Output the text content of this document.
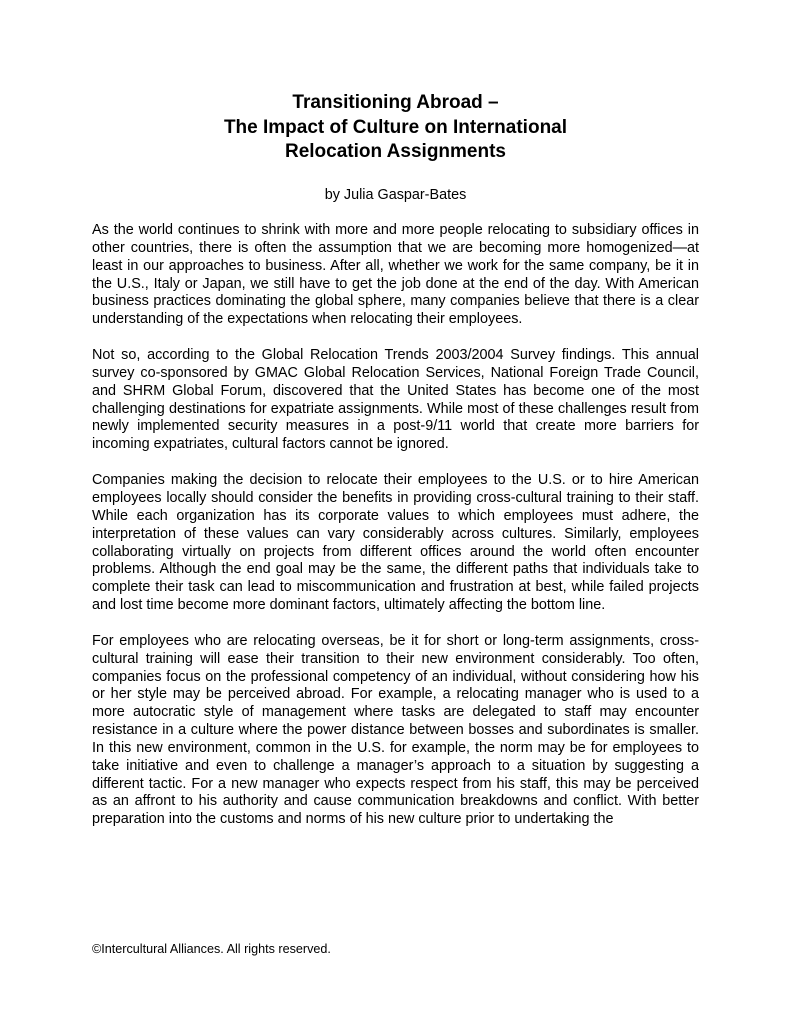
Transitioning Abroad –
The Impact of Culture on International
Relocation Assignments
by Julia Gaspar-Bates

As the world continues to shrink with more and more people relocating to subsidiary offices in other countries, there is often the assumption that we are becoming more homogenized—at least in our approaches to business. After all, whether we work for the same company, be it in the U.S., Italy or Japan, we still have to get the job done at the end of the day. With American business practices dominating the global sphere, many companies believe that there is a clear understanding of the expectations when relocating their employees.

Not so, according to the Global Relocation Trends 2003/2004 Survey findings. This annual survey co-sponsored by GMAC Global Relocation Services, National Foreign Trade Council, and SHRM Global Forum, discovered that the United States has become one of the most challenging destinations for expatriate assignments. While most of these challenges result from newly implemented security measures in a post-9/11 world that create more barriers for incoming expatriates, cultural factors cannot be ignored.

Companies making the decision to relocate their employees to the U.S. or to hire American employees locally should consider the benefits in providing cross-cultural training to their staff. While each organization has its corporate values to which employees must adhere, the interpretation of these values can vary considerably across cultures. Similarly, employees collaborating virtually on projects from different offices around the world often encounter problems. Although the end goal may be the same, the different paths that individuals take to complete their task can lead to miscommunication and frustration at best, while failed projects and lost time become more dominant factors, ultimately affecting the bottom line.

For employees who are relocating overseas, be it for short or long-term assignments, cross-cultural training will ease their transition to their new environment considerably. Too often, companies focus on the professional competency of an individual, without considering how his or her style may be perceived abroad. For example, a relocating manager who is used to a more autocratic style of management where tasks are delegated to staff may encounter resistance in a culture where the power distance between bosses and subordinates is smaller. In this new environment, common in the U.S. for example, the norm may be for employees to take initiative and even to challenge a manager’s approach to a situation by suggesting a different tactic. For a new manager who expects respect from his staff, this may be perceived as an affront to his authority and cause communication breakdowns and conflict. With better preparation into the customs and norms of his new culture prior to undertaking the

©Intercultural Alliances. All rights reserved.
